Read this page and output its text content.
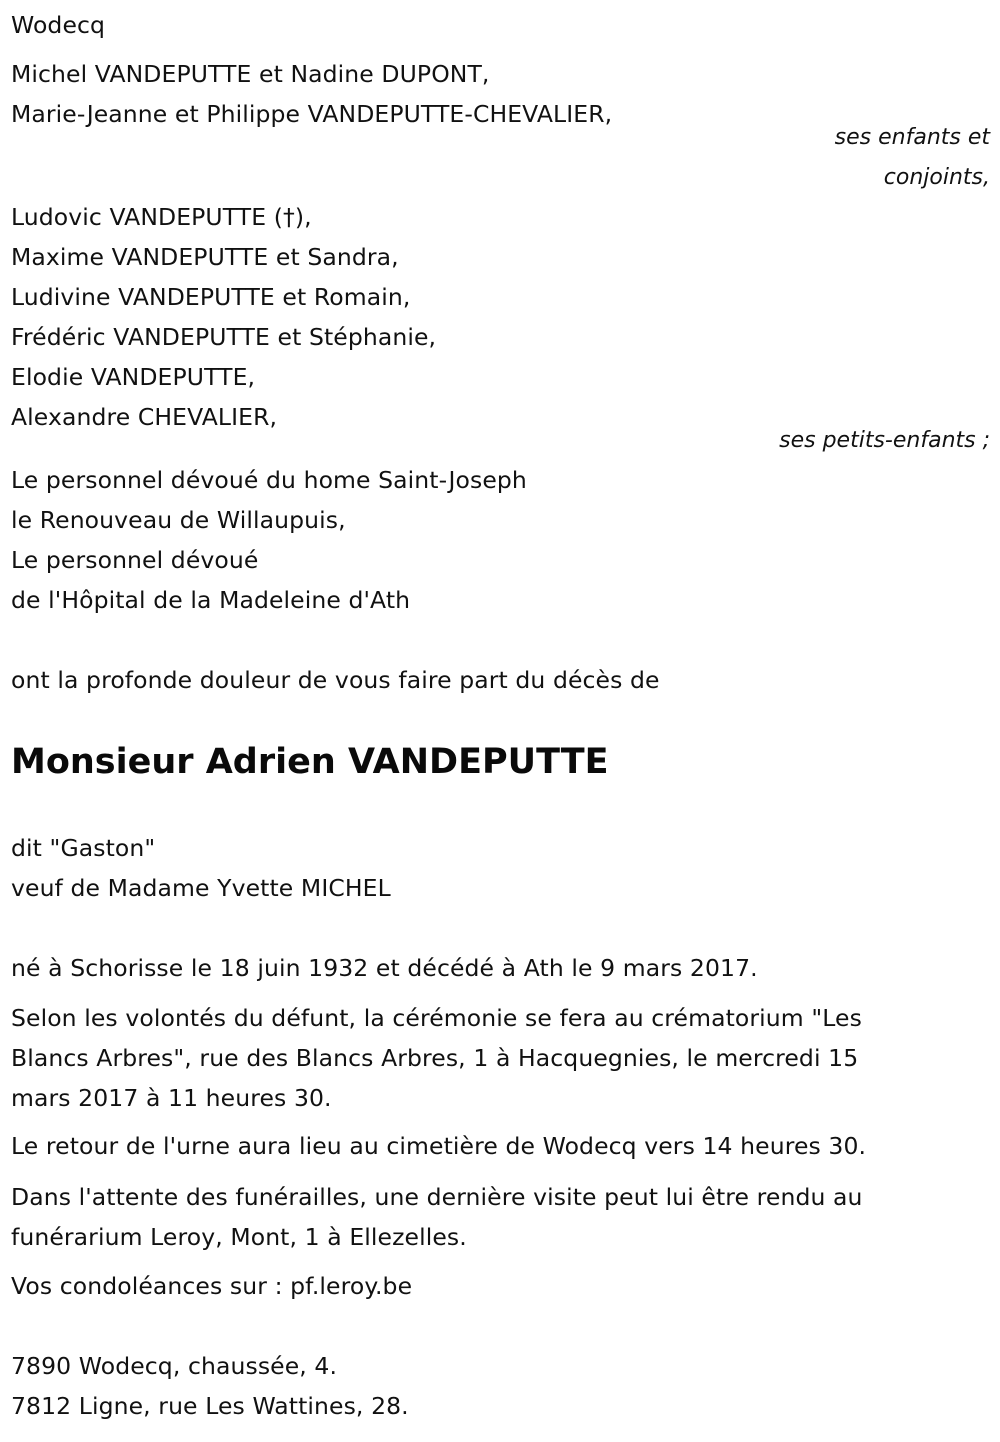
Wodecq
Michel VANDEPUTTE et Nadine DUPONT,
Marie-Jeanne et Philippe VANDEPUTTE-CHEVALIER,
ses enfants et
conjoints,
Ludovic VANDEPUTTE (†),
Maxime VANDEPUTTE et Sandra,
Ludivine VANDEPUTTE et Romain,
Frédéric VANDEPUTTE et Stéphanie,
Elodie VANDEPUTTE,
Alexandre CHEVALIER,
ses petits-enfants ;
Le personnel dévoué du home Saint-Joseph
le Renouveau de Willaupuis,
Le personnel dévoué
de l'Hôpital de la Madeleine d'Ath
ont la profonde douleur de vous faire part du décès de
Monsieur Adrien VANDEPUTTE
dit "Gaston"
veuf de Madame Yvette MICHEL
né à Schorisse le 18 juin 1932 et décédé à Ath le 9 mars 2017.
Selon les volontés du défunt, la cérémonie se fera au crématorium "Les
Blancs Arbres", rue des Blancs Arbres, 1 à Hacquegnies, le mercredi 15
mars 2017 à 11 heures 30.
Le retour de l'urne aura lieu au cimetière de Wodecq vers 14 heures 30.
Dans l'attente des funérailles, une dernière visite peut lui être rendu au
funérarium Leroy, Mont, 1 à Ellezelles.
Vos condoléances sur : pf.leroy.be
7890 Wodecq, chaussée, 4.
7812 Ligne, rue Les Wattines, 28.
